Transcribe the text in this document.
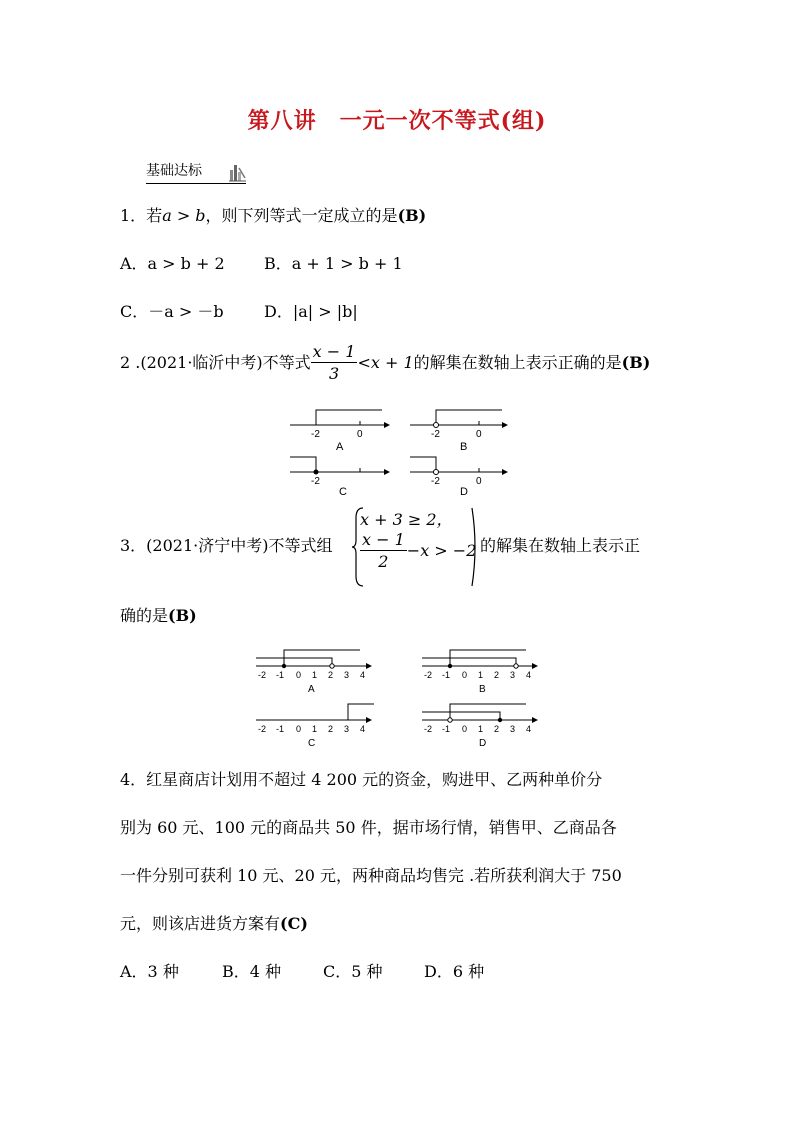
第八讲　一元一次不等式(组)
基础达标
1．若a > b，则下列等式一定成立的是(B)
A．a > b + 2 B．a + 1 > b + 1
C．－a > －b	D．|a| > |b|
2 .(2021·临沂中考)不等式 $\frac{x - 1}{3} <x + 1$的解集在数轴上表示正确的是(B)
-2	0
A
-2	0
B
-2
C
-2	0
D
3．(2021·济宁中考)不等式组
x + 3 ≥ 2，
$\frac{x - 1}{2} -x > -2$ 的解集在数轴上表示正
确的是(B)
-2 -1 0 1 2 3 4
A
-2 -1 0 1 2 3 4
B
-2 -1 0 1 2 3 4
C
-2 -1 0 1 2 3 4
D
4．红星商店计划用不超过 4 200 元的资金，购进甲、乙两种单价分
别为 60 元、100 元的商品共 50 件，据市场行情，销售甲、乙商品各
一件分别可获利 10 元、20 元，两种商品均售完 .若所获利润大于 750
元，则该店进货方案有(C)
A．3 种	B．4 种	C．5 种	D．6 种
